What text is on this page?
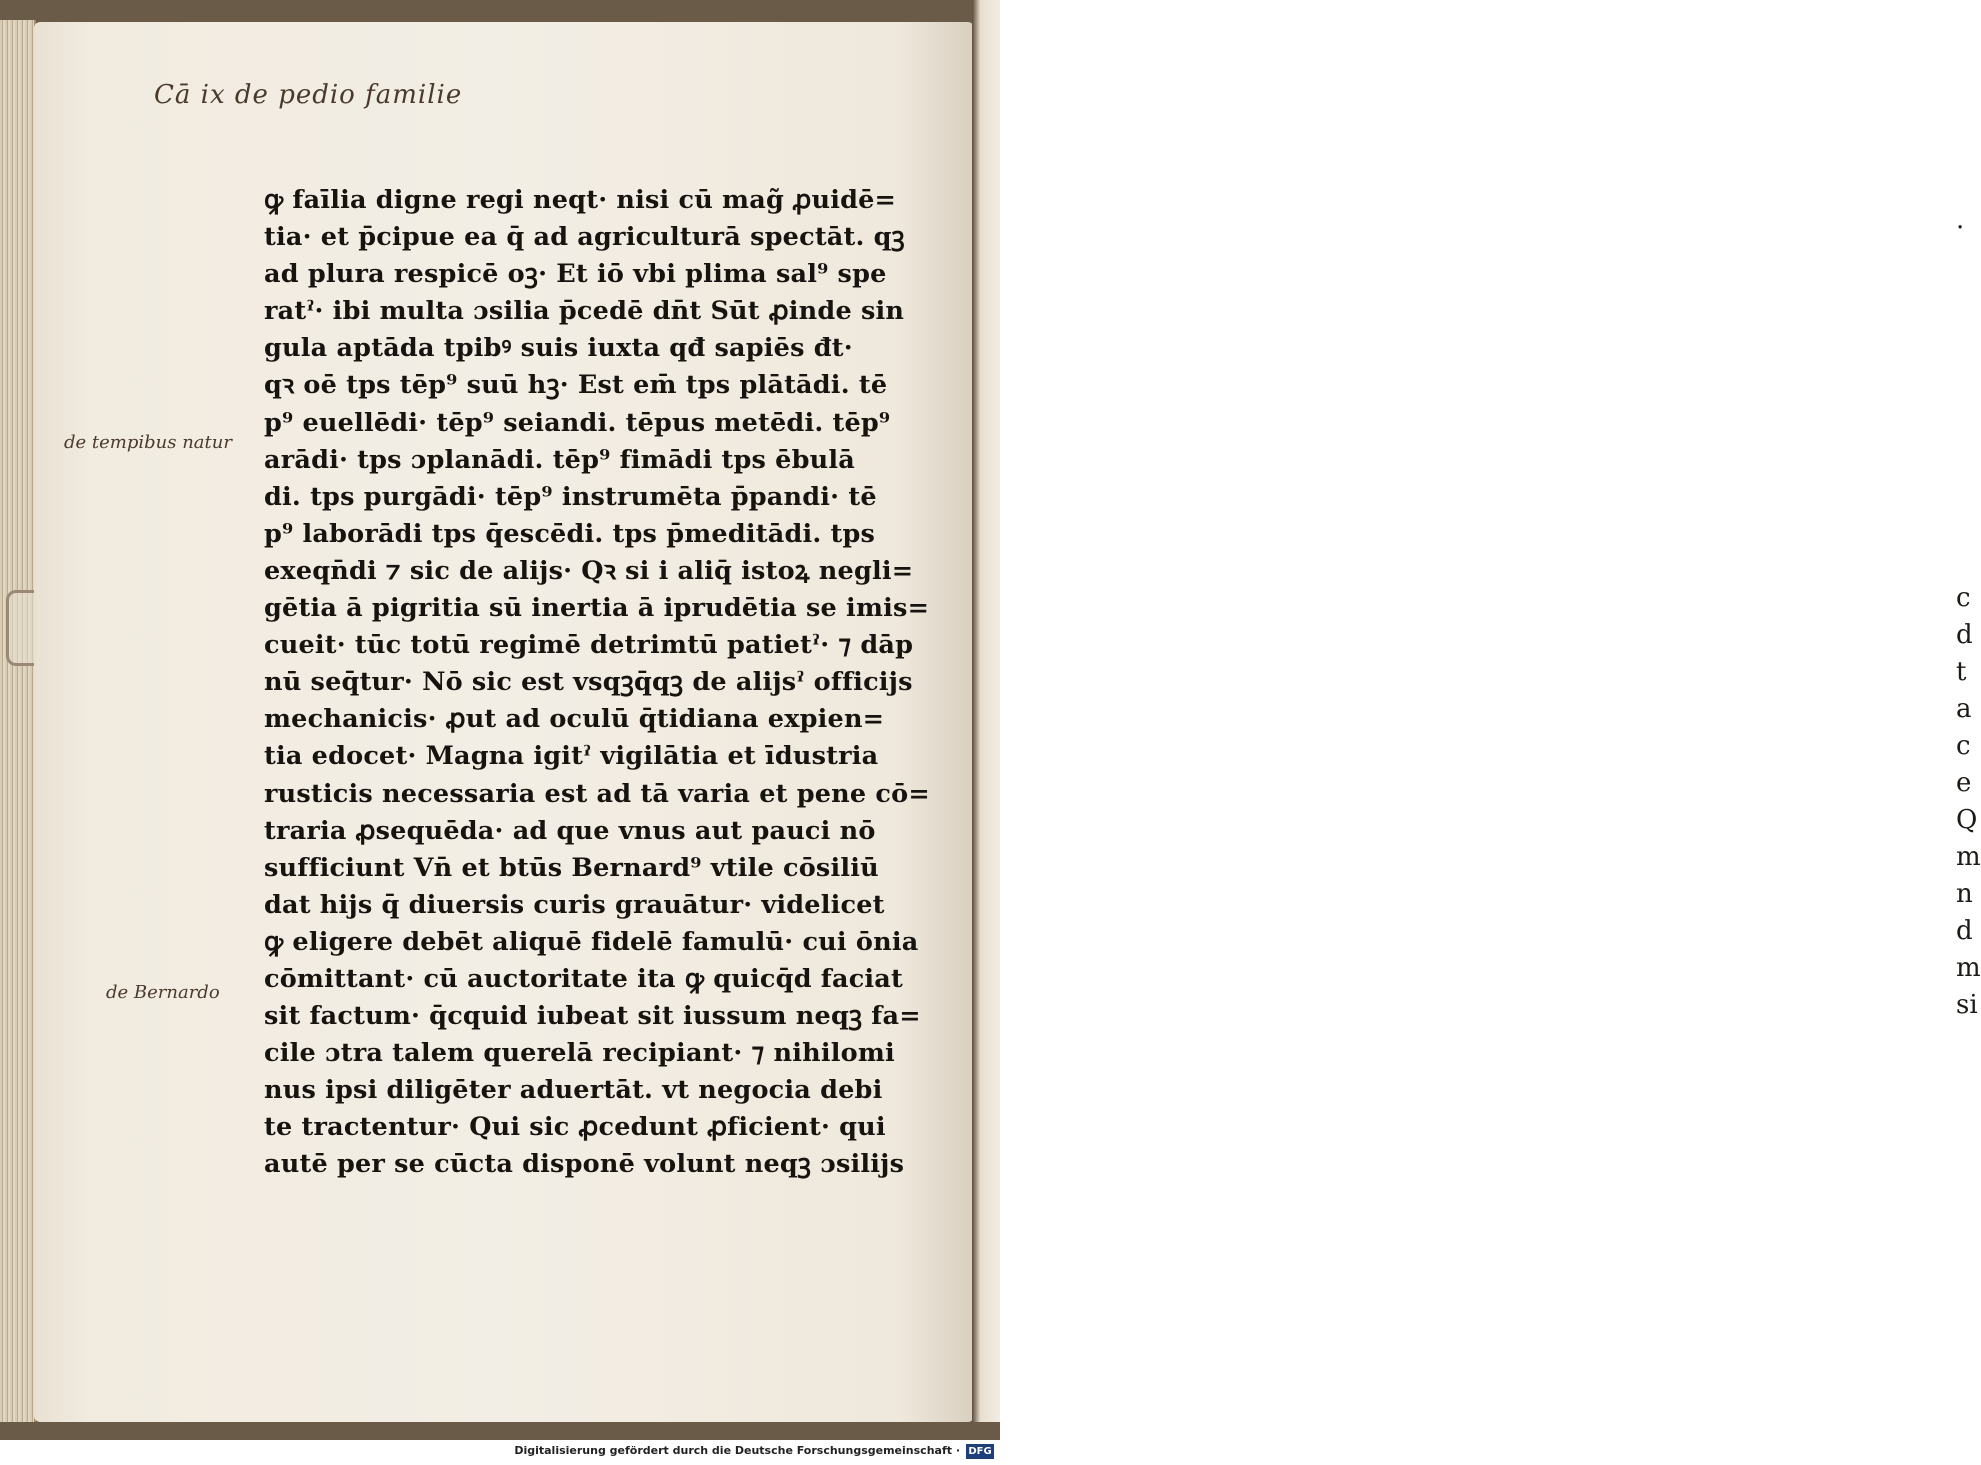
Cā ix de pedio familie
de tempibus natur
de Bernardo
ꝙ faīlia digne regi neqt· nisi cū mag̃ ꝓuidē=
tia· et p̄cipue ea q̄ ad agriculturā spectāt. qꝫ
ad plura respicē oꝫ· Et iō vbi plima sal⁹ spe
ratˀ· ibi multa ɔsilia p̄cedē dn̄t Sūt ꝓinde sin
gula aptāda tpibꝰ suis iuxta qđ sapiēs đt·
qꝛ oē tps tēp⁹ suū hꝫ· Est em̄ tps plātādi. tē
p⁹ euellēdi· tēp⁹ seiandi. tēpus metēdi. tēp⁹
arādi· tps ɔplanādi. tēp⁹ fimādi tps ēbulā
di. tps purgādi· tēp⁹ instrumēta p̄pandi· tē
p⁹ laborādi tps q̄escēdi. tps p̄meditādi. tps
exeqn̄di ⁊ sic de alijs· Qꝛ si i aliq̄ istoꝝ negli=
gētia ā pigritia sū inertia ā iprudētia se imis=
cueit· tūc totū regimē detrimtū patietˀ· ⁊ dāp
nū seq̄tur· Nō sic est vsqꝫq̄qꝫ de alijsˀ officijs
mechanicis· ꝓut ad oculū q̄tidiana expien=
tia edocet· Magna igitˀ vigilātia et īdustria
rusticis necessaria est ad tā varia et pene cō=
traria ꝓsequēda· ad que vnus aut pauci nō
sufficiunt Vn̄ et btūs Bernard⁹ vtile cōsiliū
dat hijs q̄ diuersis curis grauātur· videlicet
ꝙ eligere debēt aliquē fidelē famulū· cui ōnia
cōmittant· cū auctoritate ita ꝙ quicq̄d faciat
sit factum· q̄cquid iubeat sit iussum neqꝫ fa=
cile ɔtra talem querelā recipiant· ⁊ nihilomi
nus ipsi diligēter aduertāt. vt negocia debi
te tractentur· Qui sic ꝓcedunt ꝓficient· qui
autē per se cūcta disponē volunt neqꝫ ɔsilijs
·

c
d
t
a
c
e
Q
m
n
d
m
si
Digitalisierung gefördert durch die Deutsche Forschungsgemeinschaft · DFG
